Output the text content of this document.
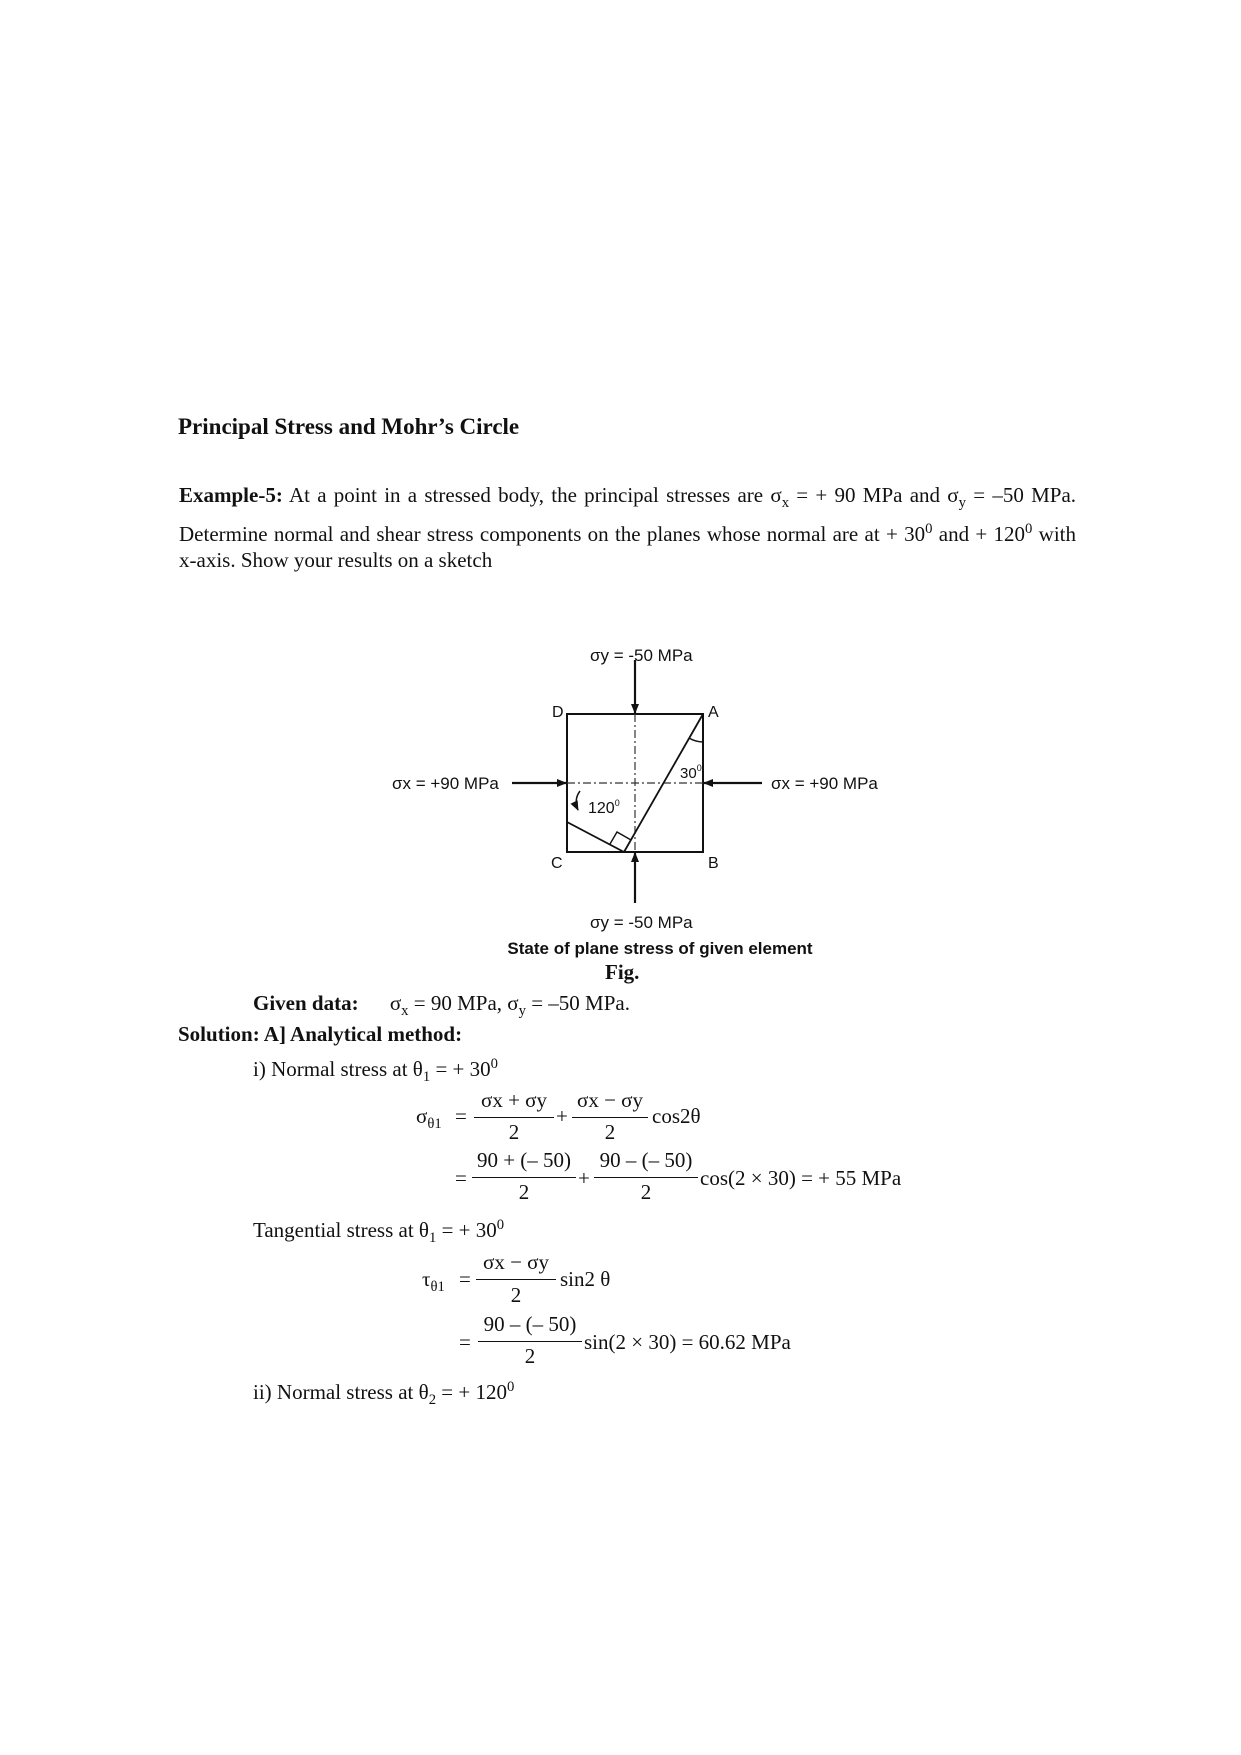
Principal Stress and Mohr’s Circle
Example-5: At a point in a stressed body, the principal stresses are $\sigma_x$ = + 90 MPa and $\sigma_y = -50$ MPa. Determine normal and shear stress components on the planes whose normal are at + $30^0$ and + $120^0$ with x-axis. Show your results on a sketch
σy = -50 MPa
σy = -50 MPa
σx = +90 MPa	σx = +90 MPa
D	A
C	B
$30^0$
$120^0$
State of plane stress of given element
Fig.
Given data: $\sigma_x = 90$ MPa, $\sigma_y = -50$ MPa.
Solution: A] Analytical method:
i) Normal stress at $\theta_1$ = + $30^0$
$\sigma_{\theta 1}$ =
σx + σy
2
+
σx − σy
2
cos2θ
=
90 + (– 50)
2
+
90 – (– 50)
2
cos(2 × 30) = + 55 MPa
Tangential stress at $\theta_1$ = + $30^0$
$\tau_{\theta 1}$ =
σx − σy
2
sin2 θ
=
90 – (– 50)
2
sin(2 × 30) = 60.62 MPa
ii) Normal stress at $\theta_2$ = + $120^0$
